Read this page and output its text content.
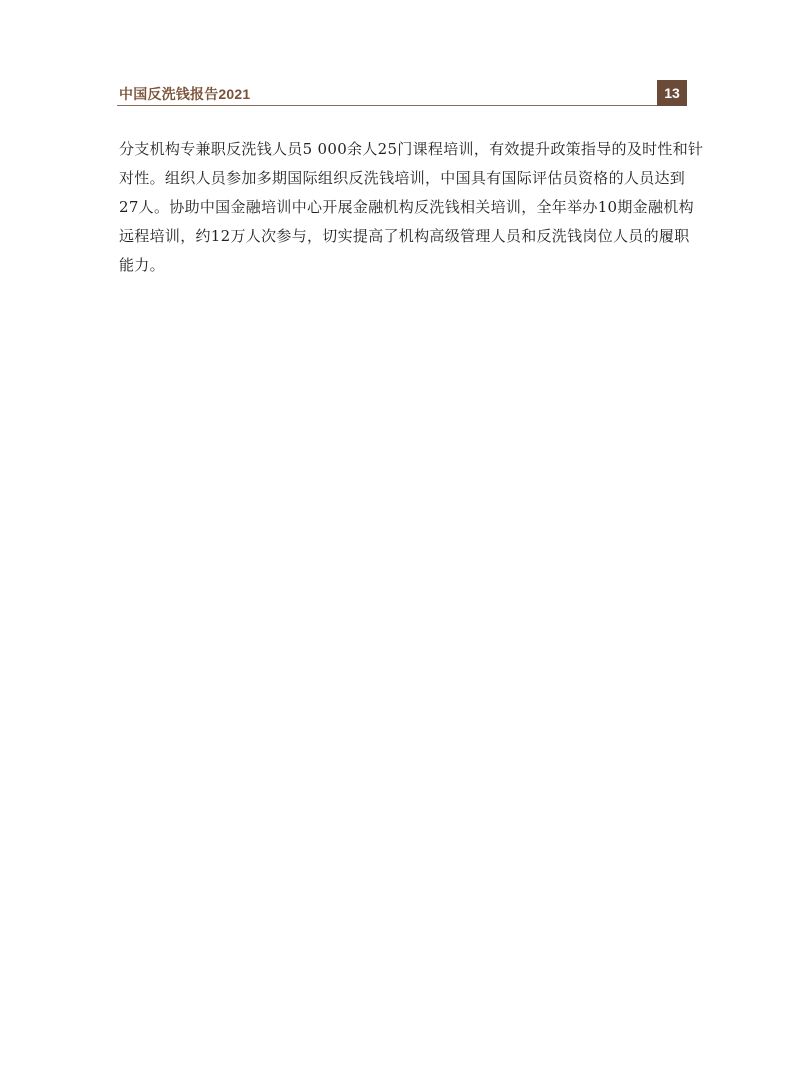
中国反洗钱报告2021	13

分支机构专兼职反洗钱人员5 000余人25门课程培训，有效提升政策指导的及时性和针
对性。组织人员参加多期国际组织反洗钱培训，中国具有国际评估员资格的人员达到
27人。协助中国金融培训中心开展金融机构反洗钱相关培训，全年举办10期金融机构
远程培训，约12万人次参与，切实提高了机构高级管理人员和反洗钱岗位人员的履职
能力。
